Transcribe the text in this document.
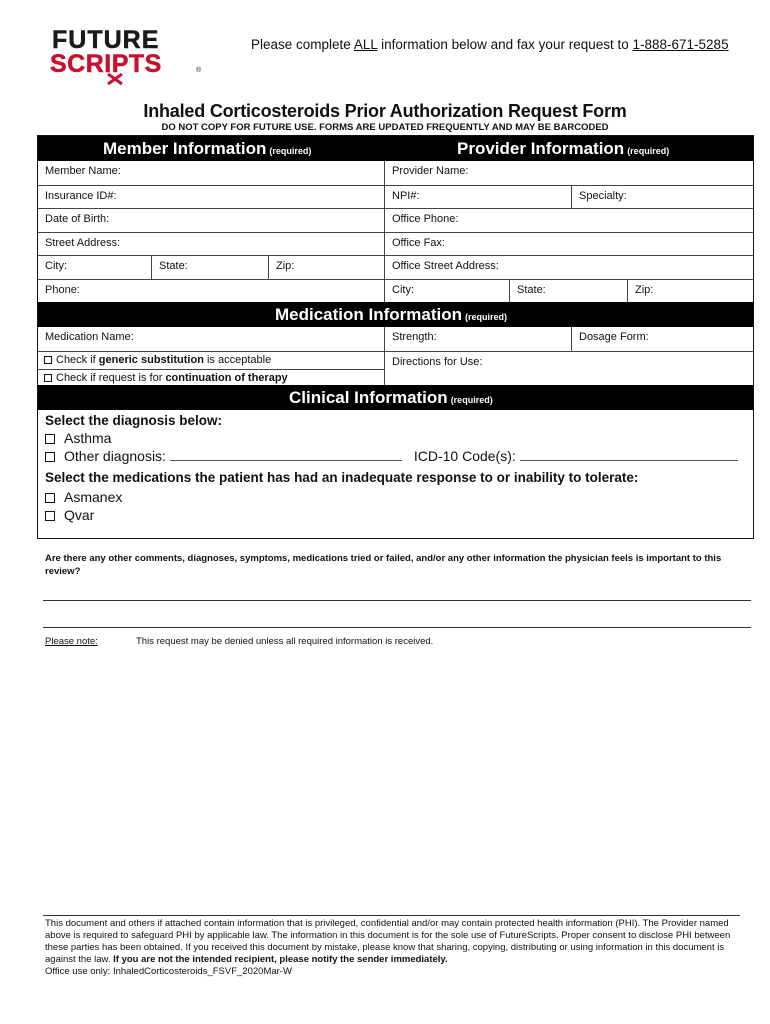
FUTURE
SCRIPTS	®
Please complete ALL information below and fax your request to 1-888-671-5285
Inhaled Corticosteroids Prior Authorization Request Form
DO NOT COPY FOR FUTURE USE. FORMS ARE UPDATED FREQUENTLY AND MAY BE BARCODED
Member Information (required)	Provider Information (required)
Member Name:	Provider Name:
Insurance ID#:	NPI#:	Specialty:
Date of Birth:	Office Phone:
Street Address:	Office Fax:
City:	State:	Zip:	Office Street Address:
Phone:	City:	State:	Zip:
Medication Information (required)
Medication Name:	Strength:	Dosage Form:
Check if generic substitution is acceptable
Check if request is for continuation of therapy
Directions for Use:
Clinical Information (required)
Select the diagnosis below:
Asthma
Other diagnosis:	ICD-10 Code(s):
Select the medications the patient has had an inadequate response to or inability to tolerate:
Asmanex
Qvar
Are there any other comments, diagnoses, symptoms, medications tried or failed, and/or any other information the physician feels is important to this review?
Please note:	This request may be denied unless all required information is received.
This document and others if attached contain information that is privileged, confidential and/or may contain protected health information (PHI). The Provider named above is required to safeguard PHI by applicable law. The information in this document is for the sole use of FutureScripts. Proper consent to disclose PHI between these parties has been obtained. If you received this document by mistake, please know that sharing, copying, distributing or using information in this document is against the law. If you are not the intended recipient, please notify the sender immediately.
Office use only: InhaledCorticosteroids_FSVF_2020Mar-W
